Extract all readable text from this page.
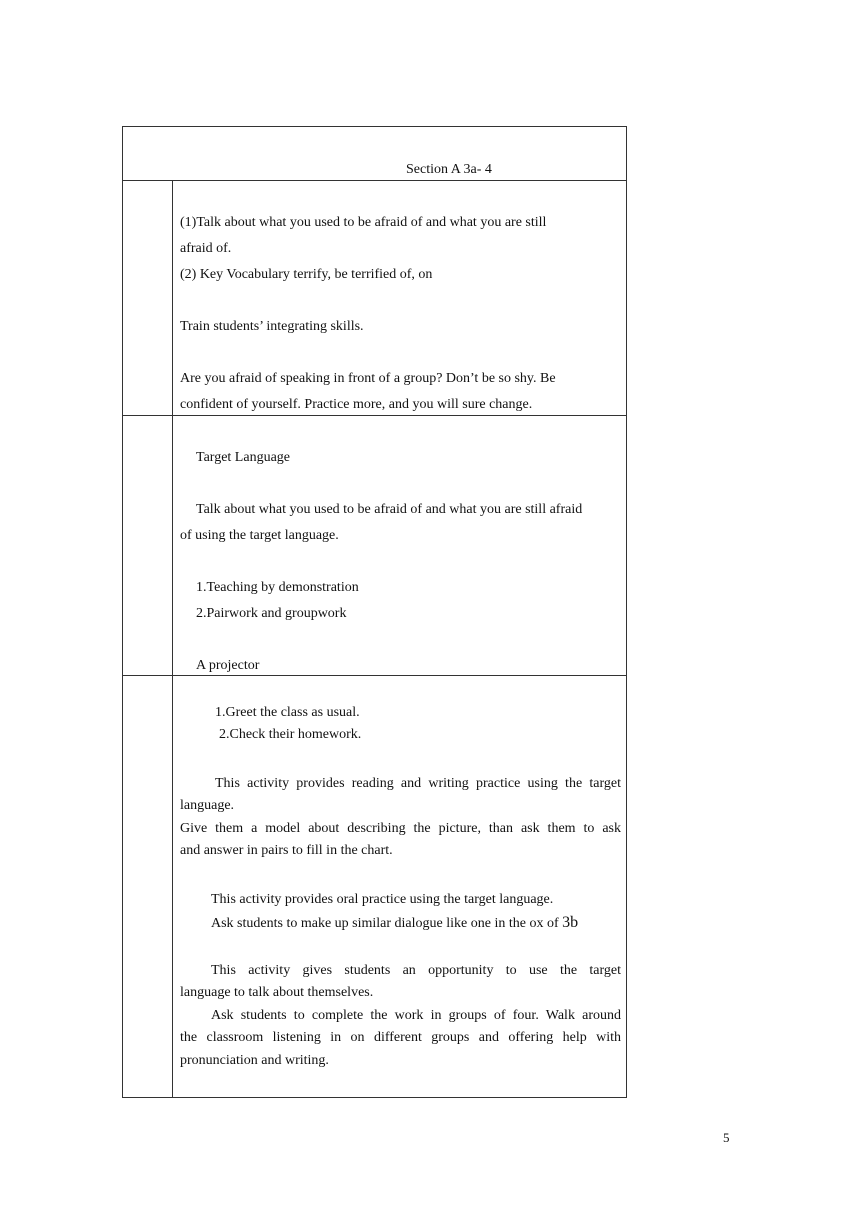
Section A 3a- 4
(1)Talk about what you used to be afraid of and what you are still
afraid of.
(2) Key Vocabulary terrify, be terrified of, on
Train students’ integrating skills.
Are you afraid of speaking in front of a group? Don’t be so shy. Be
confident of yourself. Practice more, and you will sure change.
Target Language
Talk about what you used to be afraid of and what you are still afraid
of using the target language.
1.Teaching by demonstration
2.Pairwork and groupwork
A projector
1.Greet the class as usual.
2.Check their homework.
This activity provides reading and writing practice using the target
language.
Give them a model about describing the picture, than ask them to ask
and answer in pairs to fill in the chart.
This activity provides oral practice using the target language.
Ask students to make up similar dialogue like one in the ox of 3b
This activity gives students an opportunity to use the target
language to talk about themselves.
Ask students to complete the work in groups of four. Walk around
the classroom listening in on different groups and offering help with
pronunciation and writing.
5
